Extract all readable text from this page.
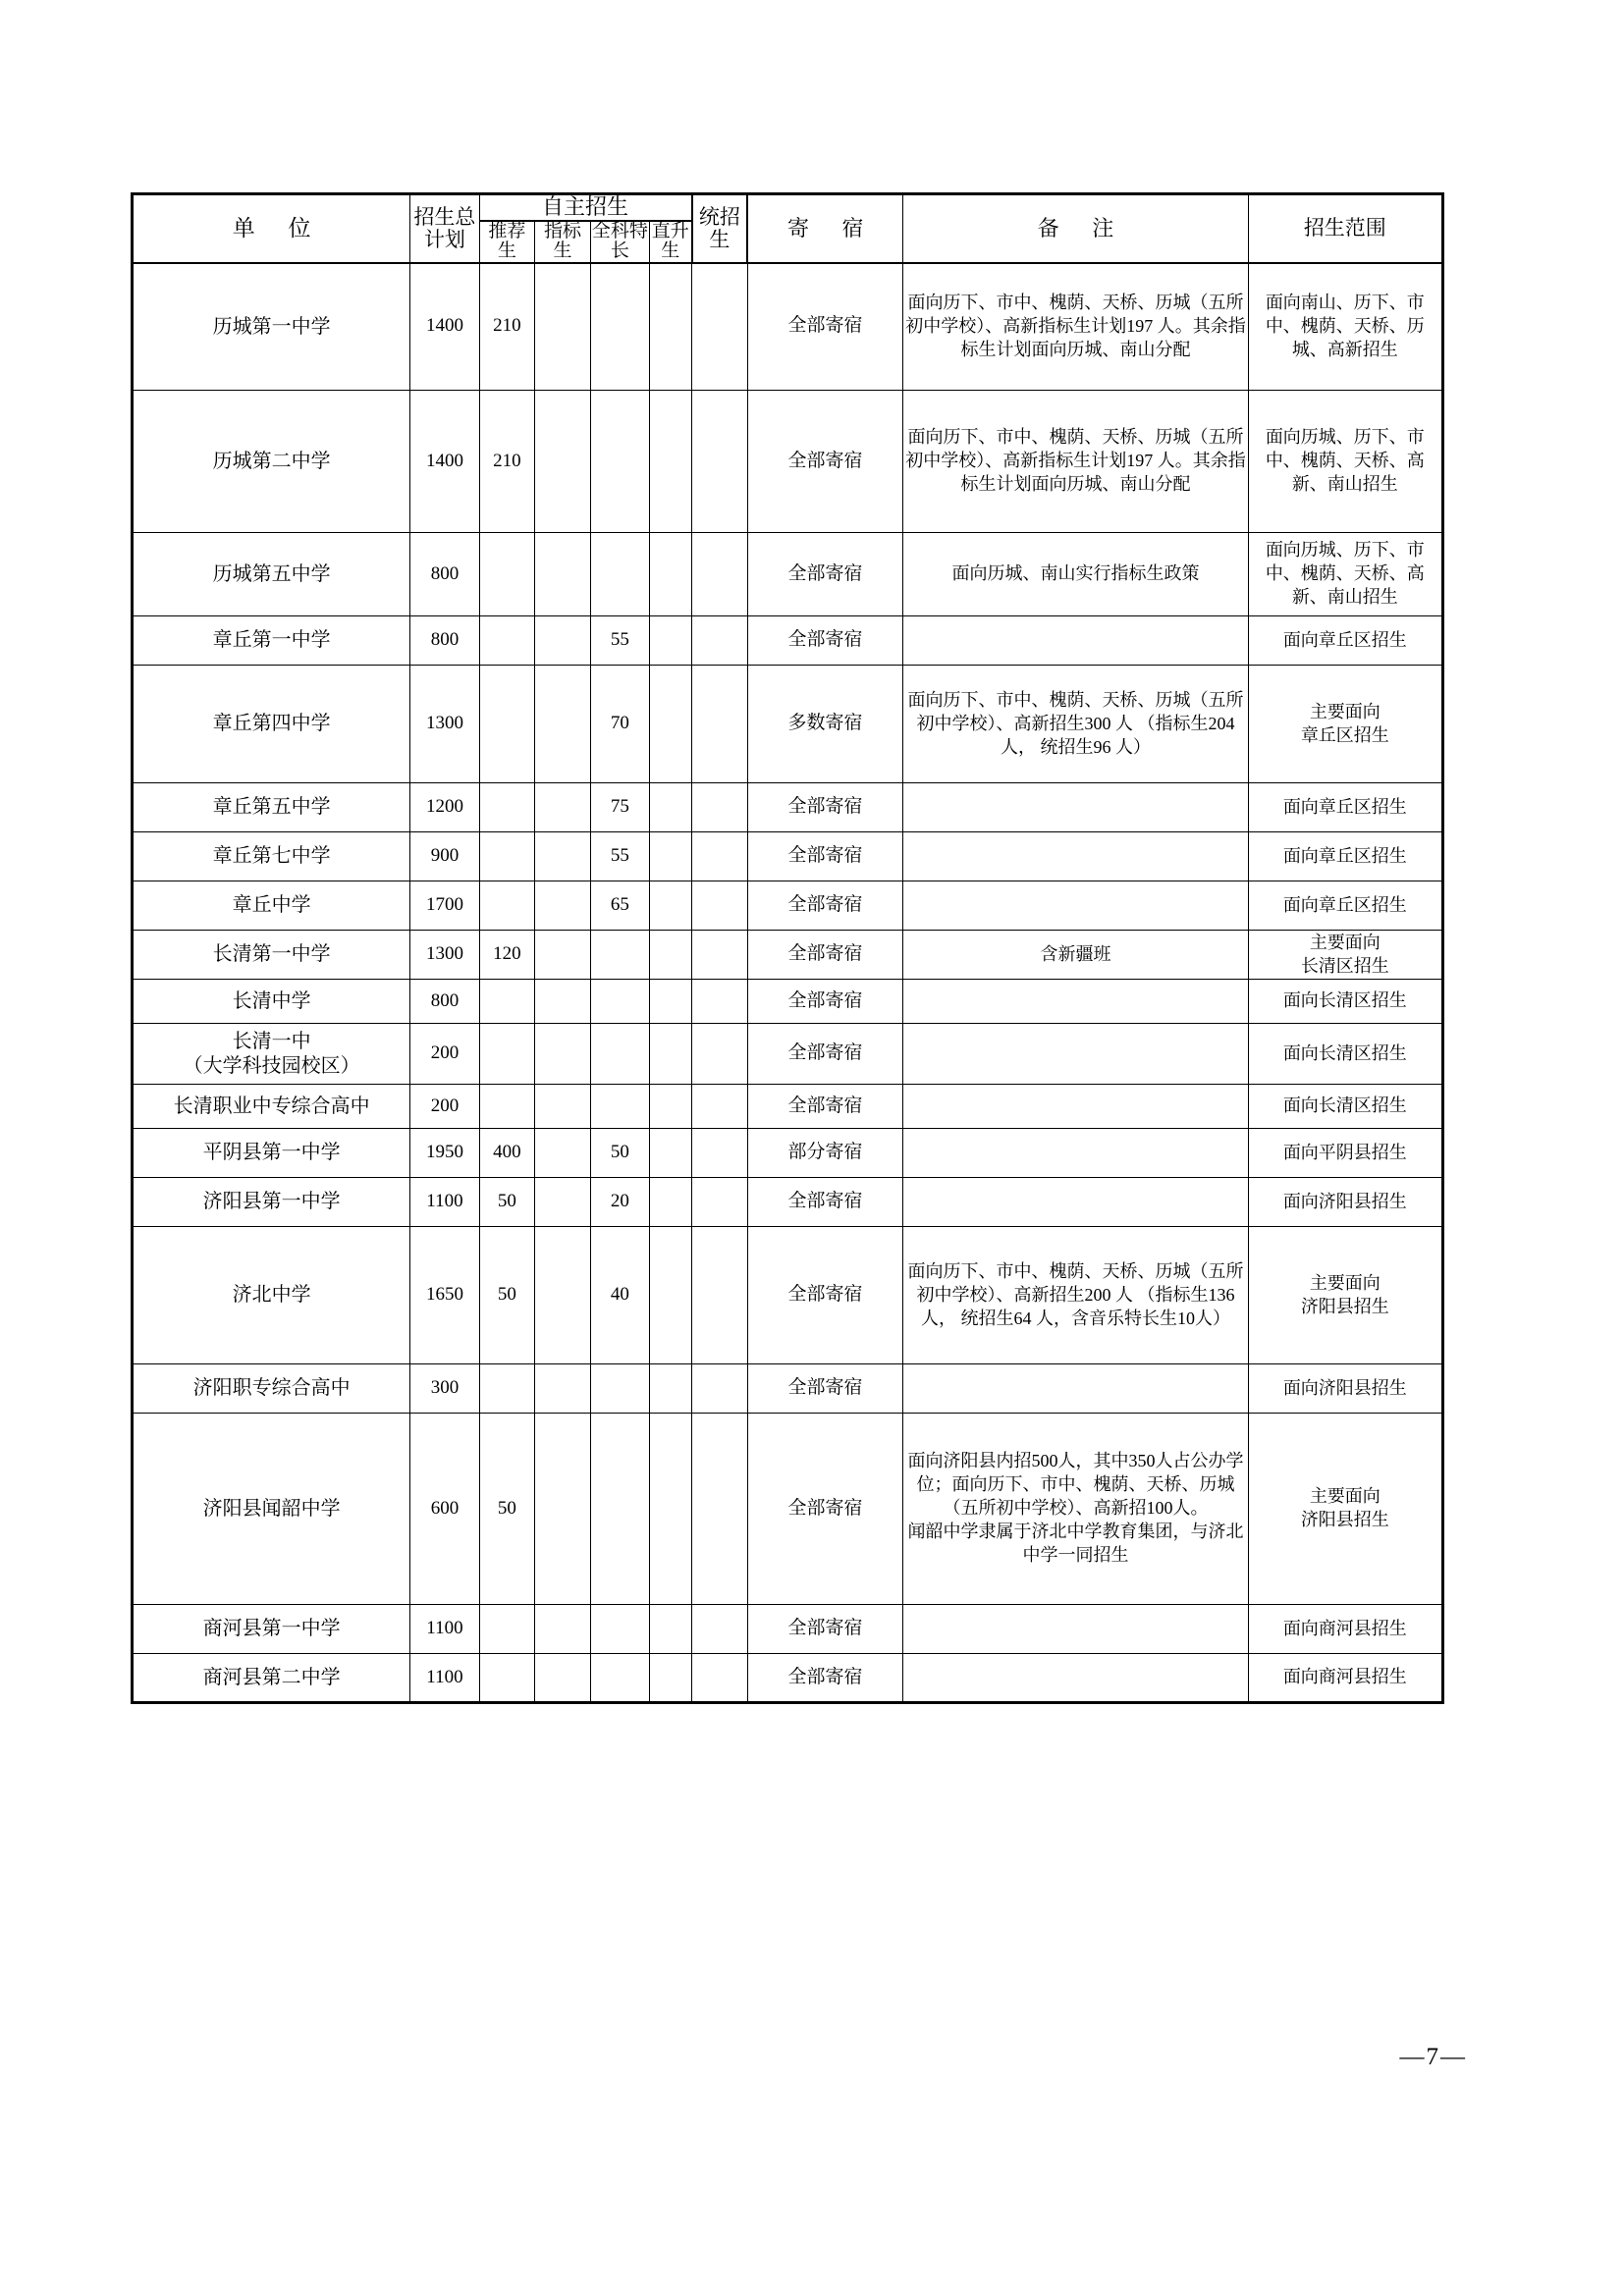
单 位	招生总计划	自主招生				统招生	寄 宿	备 注	招生范围
		推荐生	指标生	全科特长	直升生				
历城第一中学	1400	210					全部寄宿	面向历下、市中、槐荫、天桥、历城（五所初中学校）、高新指标生计划197 人。其余指标生计划面向历城、南山分配	面向南山、历下、市中、槐荫、天桥、历城、高新招生
历城第二中学	1400	210					全部寄宿	面向历下、市中、槐荫、天桥、历城（五所初中学校）、高新指标生计划197 人。其余指标生计划面向历城、南山分配	面向历城、历下、市中、槐荫、天桥、高新、南山招生
历城第五中学	800						全部寄宿	面向历城、南山实行指标生政策	面向历城、历下、市中、槐荫、天桥、高新、南山招生
章丘第一中学	800			55			全部寄宿		面向章丘区招生
章丘第四中学	1300			70			多数寄宿	面向历下、市中、槐荫、天桥、历城（五所初中学校）、高新招生300 人 （指标生204 人， 统招生96 人）	主要面向
章丘区招生
章丘第五中学	1200			75			全部寄宿		面向章丘区招生
章丘第七中学	900			55			全部寄宿		面向章丘区招生
章丘中学	1700			65			全部寄宿		面向章丘区招生
长清第一中学	1300	120					全部寄宿	含新疆班	主要面向
长清区招生
长清中学	800						全部寄宿		面向长清区招生
长清一中
（大学科技园校区）	200						全部寄宿		面向长清区招生
长清职业中专综合高中	200						全部寄宿		面向长清区招生
平阴县第一中学	1950	400		50			部分寄宿		面向平阴县招生
济阳县第一中学	1100	50		20			全部寄宿		面向济阳县招生
济北中学	1650	50		40			全部寄宿	面向历下、市中、槐荫、天桥、历城（五所初中学校）、高新招生200 人 （指标生136 人， 统招生64 人，含音乐特长生10人）	主要面向
济阳县招生
济阳职专综合高中	300						全部寄宿		面向济阳县招生
济阳县闻韶中学	600	50					全部寄宿	面向济阳县内招500人，其中350人占公办学位；面向历下、市中、槐荫、天桥、历城（五所初中学校）、高新招100人。
闻韶中学隶属于济北中学教育集团，与济北中学一同招生	主要面向
济阳县招生
商河县第一中学	1100						全部寄宿		面向商河县招生
商河县第二中学	1100						全部寄宿		面向商河县招生
—7—
